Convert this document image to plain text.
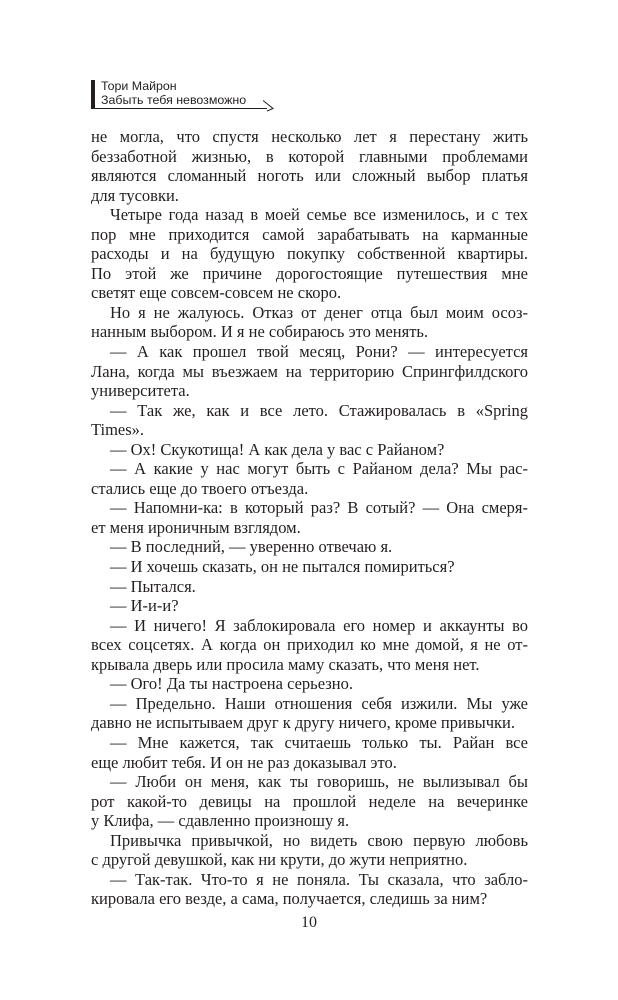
Тори Майрон
Забыть тебя невозможно

не могла, что спустя несколько лет я перестану жить
беззаботной жизнью, в которой главными проблемами
являются сломанный ноготь или сложный выбор платья
для тусовки.

Четыре года назад в моей семье все изменилось, и с тех
пор мне приходится самой зарабатывать на карманные
расходы и на будущую покупку собственной квартиры.
По этой же причине дорогостоящие путешествия мне
светят еще совсем-совсем не скоро.

Но я не жалуюсь. Отказ от денег отца был моим осоз-
нанным выбором. И я не собираюсь это менять.

— А как прошел твой месяц, Рони? — интересуется
Лана, когда мы въезжаем на территорию Спрингфилдского
университета.

— Так же, как и все лето. Стажировалась в «Spring
Times».

— Ох! Скукотища! А как дела у вас с Райаном?

— А какие у нас могут быть с Райаном дела? Мы рас-
стались еще до твоего отъезда.

— Напомни-ка: в который раз? В сотый? — Она смеря-
ет меня ироничным взглядом.

— В последний, — уверенно отвечаю я.

— И хочешь сказать, он не пытался помириться?

— Пытался.

— И-и-и?

— И ничего! Я заблокировала его номер и аккаунты во
всех соцсетях. А когда он приходил ко мне домой, я не от-
крывала дверь или просила маму сказать, что меня нет.

— Ого! Да ты настроена серьезно.

— Предельно. Наши отношения себя изжили. Мы уже
давно не испытываем друг к другу ничего, кроме привычки.

— Мне кажется, так считаешь только ты. Райан все
еще любит тебя. И он не раз доказывал это.

— Люби он меня, как ты говоришь, не вылизывал бы
рот какой-то девицы на прошлой неделе на вечеринке
у Клифа, — сдавленно произношу я.

Привычка привычкой, но видеть свою первую любовь
с другой девушкой, как ни крути, до жути неприятно.

— Так-так. Что-то я не поняла. Ты сказала, что забло-
кировала его везде, а сама, получается, следишь за ним?

10
